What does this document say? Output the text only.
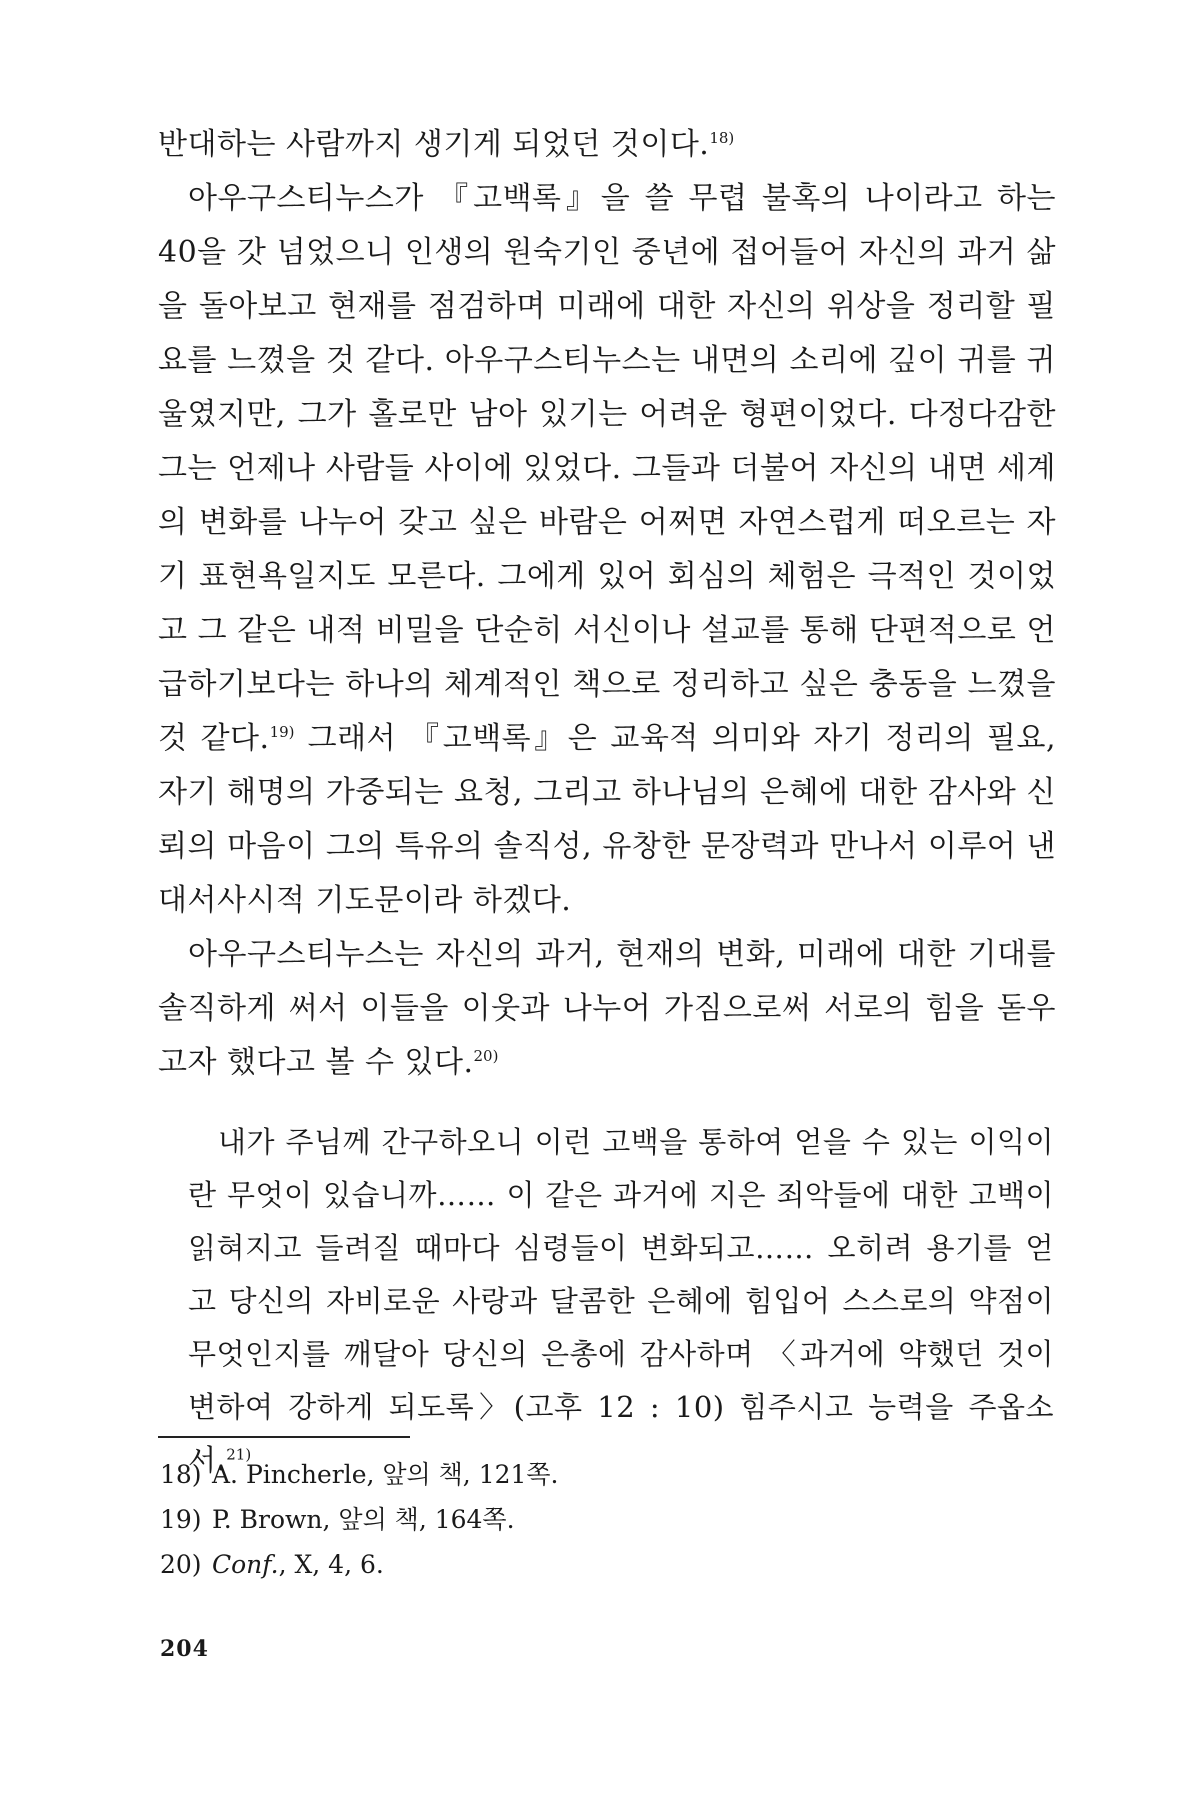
반대하는 사람까지 생기게 되었던 것이다.$^{18)}$

아우구스티누스가 『고백록』을 쓸 무렵 불혹의 나이라고 하는 40을 갓 넘었으니 인생의 원숙기인 중년에 접어들어 자신의 과거 삶을 돌아보고 현재를 점검하며 미래에 대한 자신의 위상을 정리할 필요를 느꼈을 것 같다. 아우구스티누스는 내면의 소리에 깊이 귀를 귀울였지만, 그가 홀로만 남아 있기는 어려운 형편이었다. 다정다감한 그는 언제나 사람들 사이에 있었다. 그들과 더불어 자신의 내면 세계의 변화를 나누어 갖고 싶은 바람은 어쩌면 자연스럽게 떠오르는 자기 표현욕일지도 모른다. 그에게 있어 회심의 체험은 극적인 것이었고 그 같은 내적 비밀을 단순히 서신이나 설교를 통해 단편적으로 언급하기보다는 하나의 체계적인 책으로 정리하고 싶은 충동을 느꼈을 것 같다.$^{19)}$ 그래서 『고백록』은 교육적 의미와 자기 정리의 필요, 자기 해명의 가중되는 요청, 그리고 하나님의 은혜에 대한 감사와 신뢰의 마음이 그의 특유의 솔직성, 유창한 문장력과 만나서 이루어 낸 대서사시적 기도문이라 하겠다.

아우구스티누스는 자신의 과거, 현재의 변화, 미래에 대한 기대를 솔직하게 써서 이들을 이웃과 나누어 가짐으로써 서로의 힘을 돋우고자 했다고 볼 수 있다.$^{20)}$

내가 주님께 간구하오니 이런 고백을 통하여 얻을 수 있는 이익이란 무엇이 있습니까…… 이 같은 과거에 지은 죄악들에 대한 고백이 읽혀지고 들려질 때마다 심령들이 변화되고…… 오히려 용기를 얻고 당신의 자비로운 사랑과 달콤한 은혜에 힘입어 스스로의 약점이 무엇인지를 깨달아 당신의 은총에 감사하며 〈과거에 약했던 것이 변하여 강하게 되도록〉(고후 12 : 10) 힘주시고 능력을 주옵소서.$^{21)}$

18) A. Pincherle, 앞의 책, 121쪽.
19) P. Brown, 앞의 책, 164쪽.
20) Conf., Ⅹ, 4, 6.
204
